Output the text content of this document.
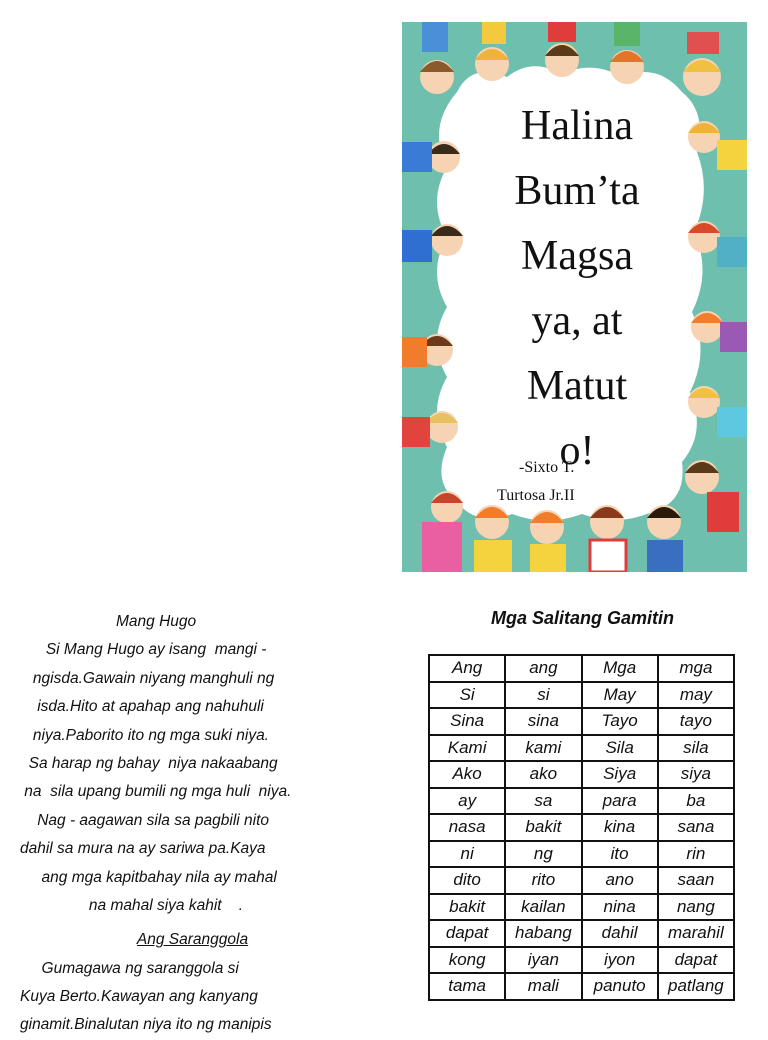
Halina
Bum’ta
Magsa
ya, at
Matut
o!
-Sixto T.
Turtosa Jr.II
Mang Hugo
Si Mang Hugo ay isang  mangi -
ngisda.Gawain niyang manghuli ng
isda.Hito at apahap ang nahuhuli
niya.Paborito ito ng mga suki niya.
Sa harap ng bahay  niya nakaabang
na  sila upang bumili ng mga huli  niya.
Nag - aagawan sila sa pagbili nito
dahil sa mura na ay sariwa pa.Kaya
ang mga kapitbahay nila ay mahal
na mahal siya kahit    .
Ang Saranggola
Gumagawa ng saranggola si
Kuya Berto.Kawayan ang kanyang
ginamit.Binalutan niya ito ng manipis
Mga Salitang Gamitin
Ang	ang	Mga	mga
Si	si	May	may
Sina	sina	Tayo	tayo
Kami	kami	Sila	sila
Ako	ako	Siya	siya
ay	sa	para	ba
nasa	bakit	kina	sana
ni	ng	ito	rin
dito	rito	ano	saan
bakit	kailan	nina	nang
dapat	habang	dahil	marahil
kong	iyan	iyon	dapat
tama	mali	panuto	patlang
